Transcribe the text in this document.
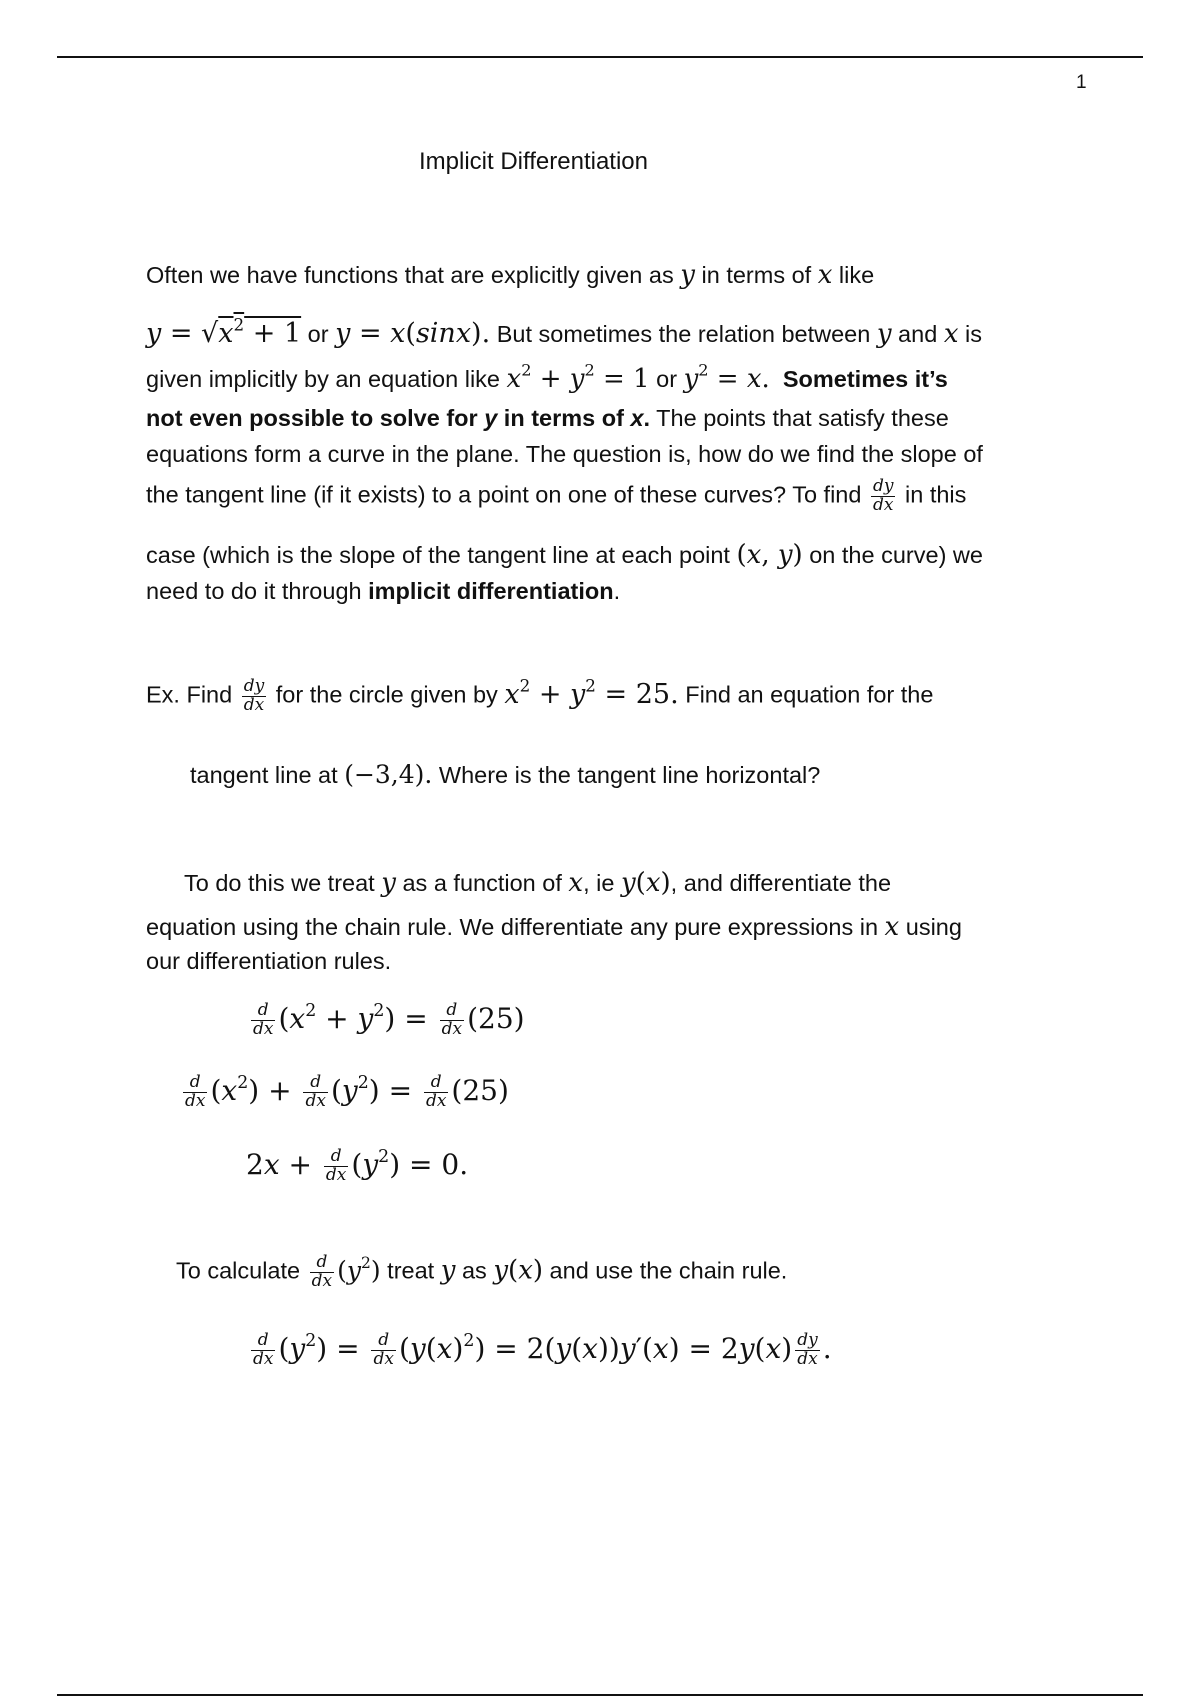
1
Implicit Differentiation
Often we have functions that are explicitly given as y in terms of x like
$y = √x^2 + 1$ or y = x(sinx). But sometimes the relation between y and x is
given implicitly by an equation like $x^2 + y^2 = 1$ or $y^2 = x$. Sometimes it’s
not even possible to solve for y in terms of x. The points that satisfy these
equations form a curve in the plane. The question is, how do we find the slope of
the tangent line (if it exists) to a point on one of these curves? To find $\frac{dy}{dx}$ in this
case (which is the slope of the tangent line at each point (x, y) on the curve) we
need to do it through implicit differentiation.
Ex. Find $\frac{dy}{dx}$ for the circle given by $x^2 + y^2 = 25$. Find an equation for the
tangent line at (−3,4). Where is the tangent line horizontal?
To do this we treat y as a function of x, ie y(x), and differentiate the
equation using the chain rule. We differentiate any pure expressions in x using
our differentiation rules.
$\frac{d}{dx} (x^2 + y^2) = \frac{d}{dx} (25)$
$\frac{d}{dx} (x^2) + \frac{d}{dx} (y^2) = \frac{d}{dx} (25)$
$2x + \frac{d}{dx} (y^2) = 0$.
To calculate $\frac{d}{dx} (y^2)$ treat y as y(x) and use the chain rule.
$\frac{d}{dx} (y^2) = \frac{d}{dx} (y(x)^2) = 2(y(x))y'(x) = 2y(x) \frac{dy}{dx}$ .
